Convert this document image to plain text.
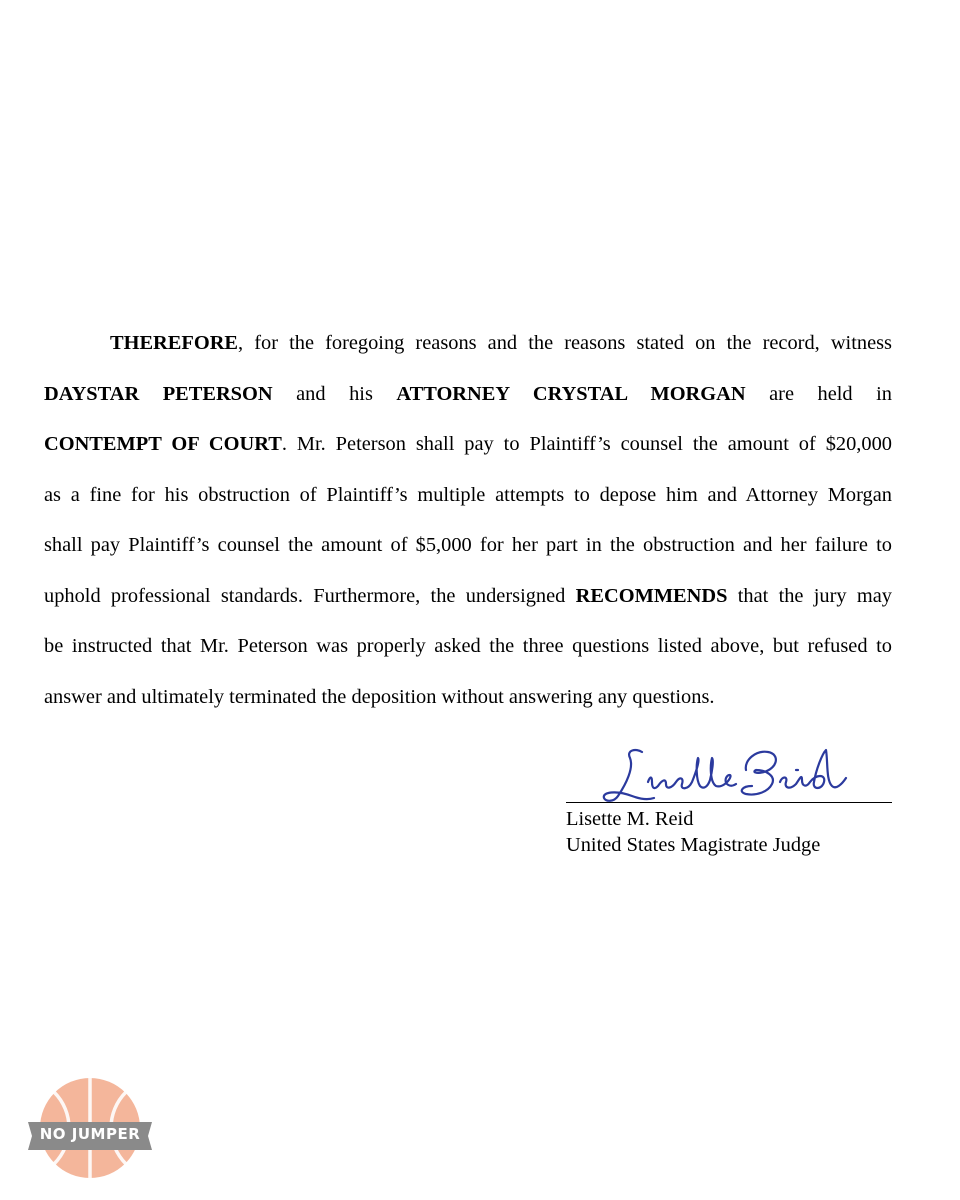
THEREFORE, for the foregoing reasons and the reasons stated on the record, witness
DAYSTAR PETERSON and his ATTORNEY CRYSTAL MORGAN are held in
CONTEMPT OF COURT. Mr. Peterson shall pay to Plaintiff’s counsel the amount of $20,000
as a fine for his obstruction of Plaintiff’s multiple attempts to depose him and Attorney Morgan
shall pay Plaintiff’s counsel the amount of $5,000 for her part in the obstruction and her failure to
uphold professional standards. Furthermore, the undersigned RECOMMENDS that the jury may
be instructed that Mr. Peterson was properly asked the three questions listed above, but refused to
answer and ultimately terminated the deposition without answering any questions.
Lisette M. Reid
United States Magistrate Judge
NO JUMPER
